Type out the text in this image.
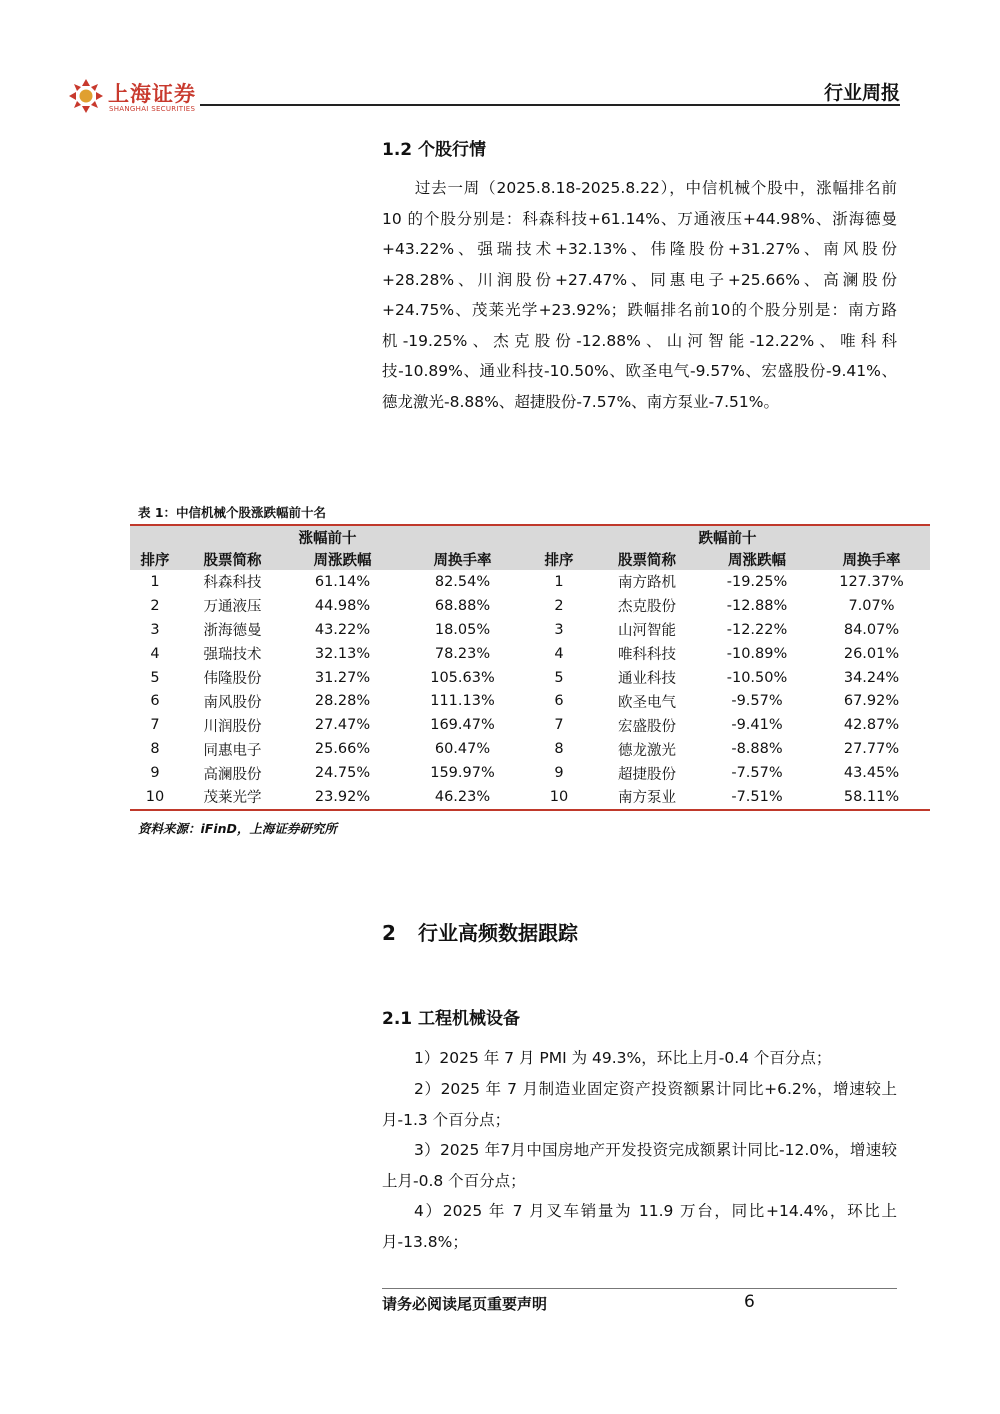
上海证券
SHANGHAI SECURITIES
行业周报
1.2 个股行情

过去一周（2025.8.18-2025.8.22），中信机械个股中，涨幅排名前 10 的个股分别是：科森科技+61.14%、万通液压+44.98%、浙海德曼+43.22%、强瑞技术+32.13%、伟隆股份+31.27%、南风股份+28.28%、川润股份+27.47%、同惠电子+25.66%、高澜股份+24.75%、茂莱光学+23.92%；跌幅排名前10的个股分别是：南方路机-19.25%、杰克股份-12.88%、山河智能-12.22%、唯科科技-10.89%、通业科技-10.50%、欧圣电气-9.57%、宏盛股份-9.41%、德龙激光-8.88%、超捷股份-7.57%、南方泵业-7.51%。

表 1：中信机械个股涨跌幅前十名
涨幅前十				跌幅前十			
排序	股票简称	周涨跌幅	周换手率	排序	股票简称	周涨跌幅	周换手率
1	科森科技	61.14%	82.54%	1	南方路机	-19.25%	127.37%
2	万通液压	44.98%	68.88%	2	杰克股份	-12.88%	7.07%
3	浙海德曼	43.22%	18.05%	3	山河智能	-12.22%	84.07%
4	强瑞技术	32.13%	78.23%	4	唯科科技	-10.89%	26.01%
5	伟隆股份	31.27%	105.63%	5	通业科技	-10.50%	34.24%
6	南风股份	28.28%	111.13%	6	欧圣电气	-9.57%	67.92%
7	川润股份	27.47%	169.47%	7	宏盛股份	-9.41%	42.87%
8	同惠电子	25.66%	60.47%	8	德龙激光	-8.88%	27.77%
9	高澜股份	24.75%	159.97%	9	超捷股份	-7.57%	43.45%
10	茂莱光学	23.92%	46.23%	10	南方泵业	-7.51%	58.11%
资料来源：iFinD，上海证券研究所
2 行业高频数据跟踪
2.1 工程机械设备

1）2025 年 7 月 PMI 为 49.3%，环比上月-0.4 个百分点；

2）2025 年 7 月制造业固定资产投资额累计同比+6.2%，增速较上月-1.3 个百分点；

3）2025 年7月中国房地产开发投资完成额累计同比-12.0%，增速较上月-0.8 个百分点；

4）2025 年 7 月叉车销量为 11.9 万台，同比+14.4%，环比上月-13.8%；

请务必阅读尾页重要声明	6
